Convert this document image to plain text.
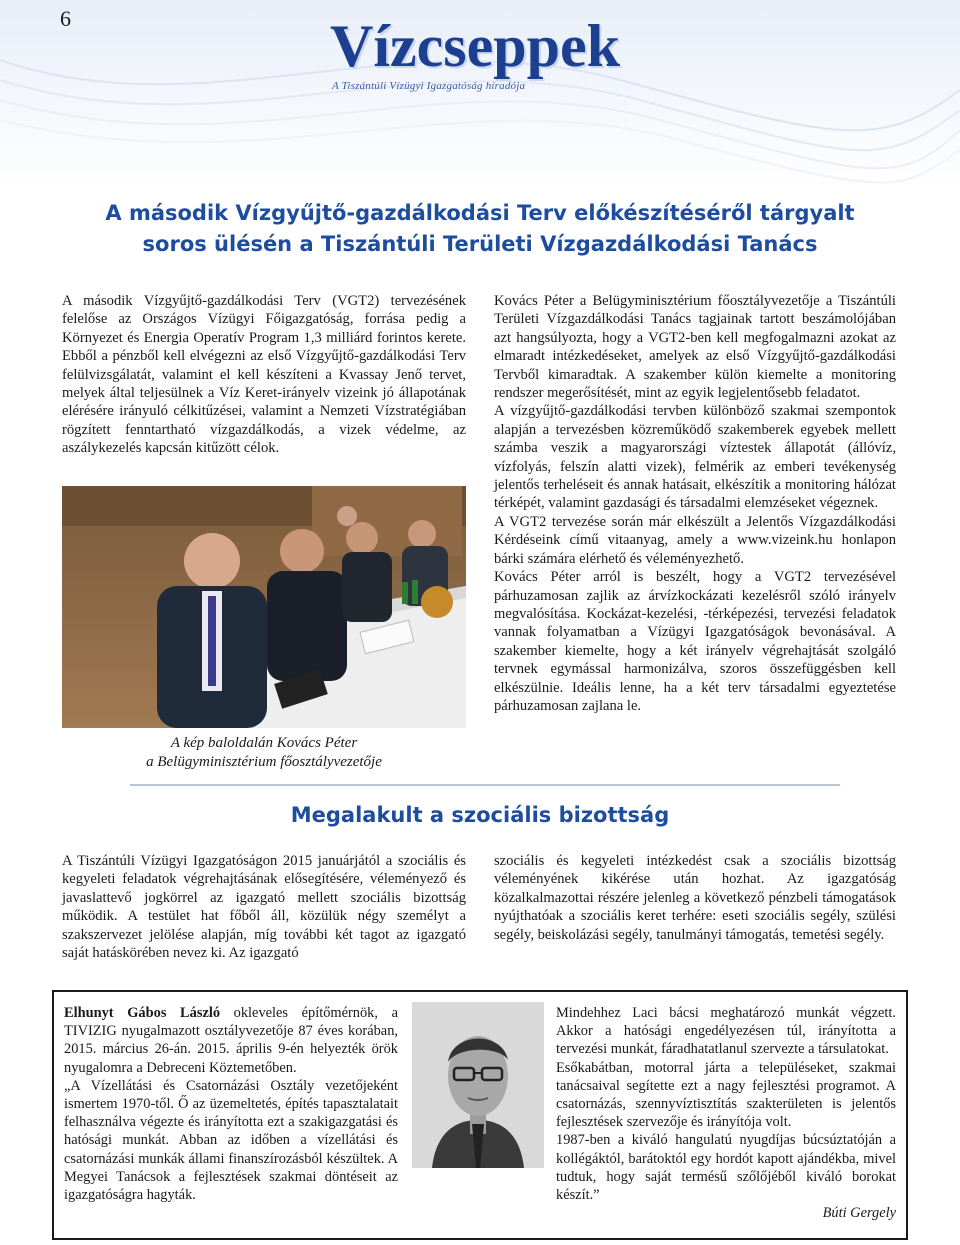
6	Vízcseppek
A Tiszántúli Vízügyi Igazgatóság híradója
A második Vízgyűjtő-gazdálkodási Terv előkészítéséről tárgyalt
soros ülésén a Tiszántúli Területi Vízgazdálkodási Tanács

A második Vízgyűjtő-gazdálkodási Terv (VGT2) tervezésének felelőse az Országos Vízügyi Főigazgatóság, forrása pedig a Környezet és Energia Operatív Program 1,3 milliárd forintos kerete. Ebből a pénzből kell elvégezni az első Vízgyűjtő-gazdálkodási Terv felülvizsgálatát, valamint el kell készíteni a Kvassay Jenő tervet, melyek által teljesülnek a Víz Keret-irányelv vizeink jó állapotának elérésére irányuló célkitűzései, valamint a Nemzeti Vízstratégiában rögzített fenntartható vízgazdálkodás, a vizek védelme, az aszálykezelés kapcsán kitűzött célok.

A kép baloldalán Kovács Péter
a Belügyminisztérium főosztályvezetője

Kovács Péter a Belügyminisztérium főosztályvezetője a Tiszántúli Területi Vízgazdálkodási Tanács tagjainak tartott beszámolójában azt hangsúlyozta, hogy a VGT2-ben kell megfogalmazni azokat az elmaradt intézkedéseket, amelyek az első Vízgyűjtő-gazdálkodási Tervből kimaradtak. A szakember külön kiemelte a monitoring rendszer megerősítését, mint az egyik legjelentősebb feladatot.

A vízgyűjtő-gazdálkodási tervben különböző szakmai szempontok alapján a tervezésben közreműködő szakemberek egyebek mellett számba veszik a magyarországi víztestek állapotát (állóvíz, vízfolyás, felszín alatti vizek), felmérik az emberi tevékenység jelentős terheléseit és annak hatásait, elkészítik a monitoring hálózat térképét, valamint gazdasági és társadalmi elemzéseket végeznek.

A VGT2 tervezése során már elkészült a Jelentős Vízgazdálkodási Kérdéseink című vitaanyag, amely a www.vizeink.hu honlapon bárki számára elérhető és véleményezhető.

Kovács Péter arról is beszélt, hogy a VGT2 tervezésével párhuzamosan zajlik az árvízkockázati kezelésről szóló irányelv megvalósítása. Kockázat-kezelési, -térképezési, tervezési feladatok vannak folyamatban a Vízügyi Igazgatóságok bevonásával. A szakember kiemelte, hogy a két irányelv végrehajtását szolgáló tervnek egymással harmonizálva, szoros összefüggésben kell elkészülnie. Ideális lenne, ha a két terv társadalmi egyeztetése párhuzamosan zajlana le.

Megalakult a szociális bizottság

A Tiszántúli Vízügyi Igazgatóságon 2015 januárjától a szociális és kegyeleti feladatok végrehajtásának elősegítésére, véleményező és javaslattevő jogkörrel az igazgató mellett szociális bizottság működik. A testület hat főből áll, közülük négy személyt a szakszervezet jelölése alapján, míg további két tagot az igazgató saját hatáskörében nevez ki. Az igazgató

szociális és kegyeleti intézkedést csak a szociális bizottság véleményének kikérése után hozhat. Az igazgatóság közalkalmazottai részére jelenleg a következő pénzbeli támogatások nyújthatóak a szociális keret terhére: eseti szociális segély, szülési segély, beiskolázási segély, tanulmányi támogatás, temetési segély.

Elhunyt Gábos László okleveles építőmérnök, a TIVIZIG nyugalmazott osztályvezetője 87 éves korában, 2015. március 26-án. 2015. április 9-én helyezték örök nyugalomra a Debreceni Köztemetőben.

„A Vízellátási és Csatornázási Osztály vezetőjeként ismertem 1970-től. Ő az üzemeltetés, építés tapasztalatait felhasználva végezte és irányította ezt a szakigazgatási és hatósági munkát. Abban az időben a vízellátási és csatornázási munkák állami finanszírozásból készültek. A Megyei Tanácsok a fejlesztések szakmai döntéseit az igazgatóságra hagyták.

Mindehhez Laci bácsi meghatározó munkát végzett. Akkor a hatósági engedélyezésen túl, irányította a tervezési munkát, fáradhatatlanul szervezte a társulatokat.

Esőkabátban, motorral járta a településeket, szakmai tanácsaival segítette ezt a nagy fejlesztési programot. A csatornázás, szennyvíztisztítás szakterületen is jelentős fejlesztések szervezője és irányítója volt.

1987-ben a kiváló hangulatú nyugdíjas búcsúztatóján a kollégáktól, barátoktól egy hordót kapott ajándékba, mivel tudtuk, hogy saját termésű szőlőjéből kiváló borokat készít.”

Búti Gergely
